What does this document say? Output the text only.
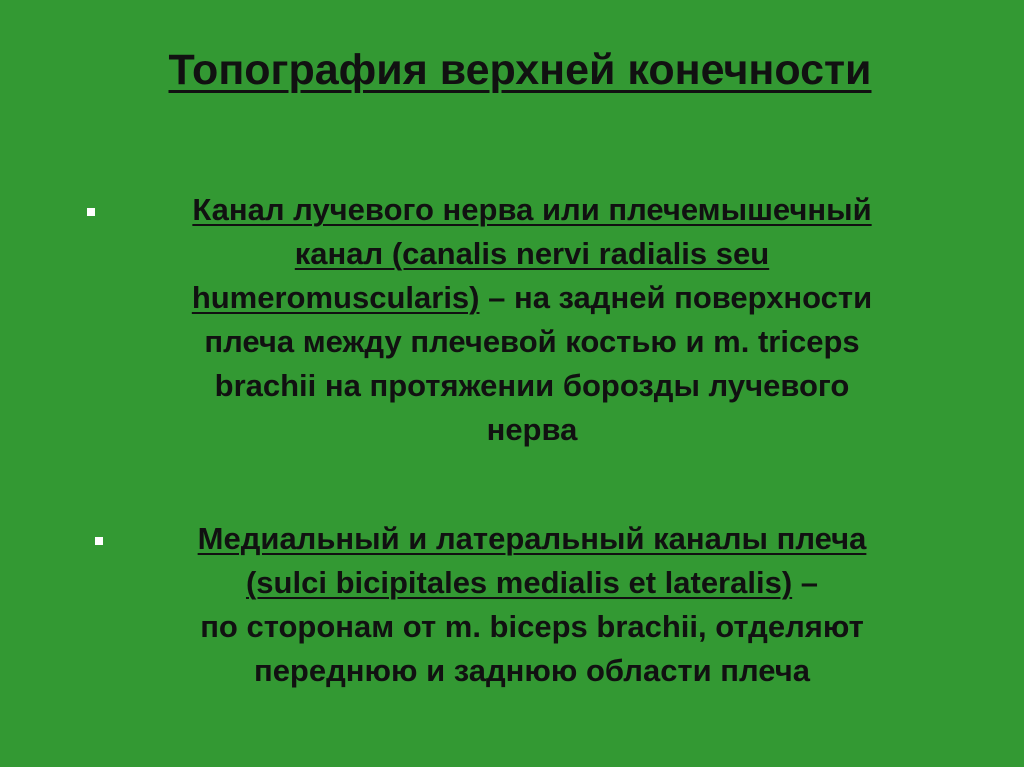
Топография верхней конечности
Канал лучевого нерва или плечемышечный
канал (canalis nervi radialis seu
humeromuscularis) – на задней поверхности
плеча между плечевой костью и m. triceps
brachii на протяжении борозды лучевого
нерва
Медиальный и латеральный каналы плеча
(sulci bicipitales medialis et lateralis) –
по сторонам от m. biceps brachii, отделяют
переднюю и заднюю области плеча
